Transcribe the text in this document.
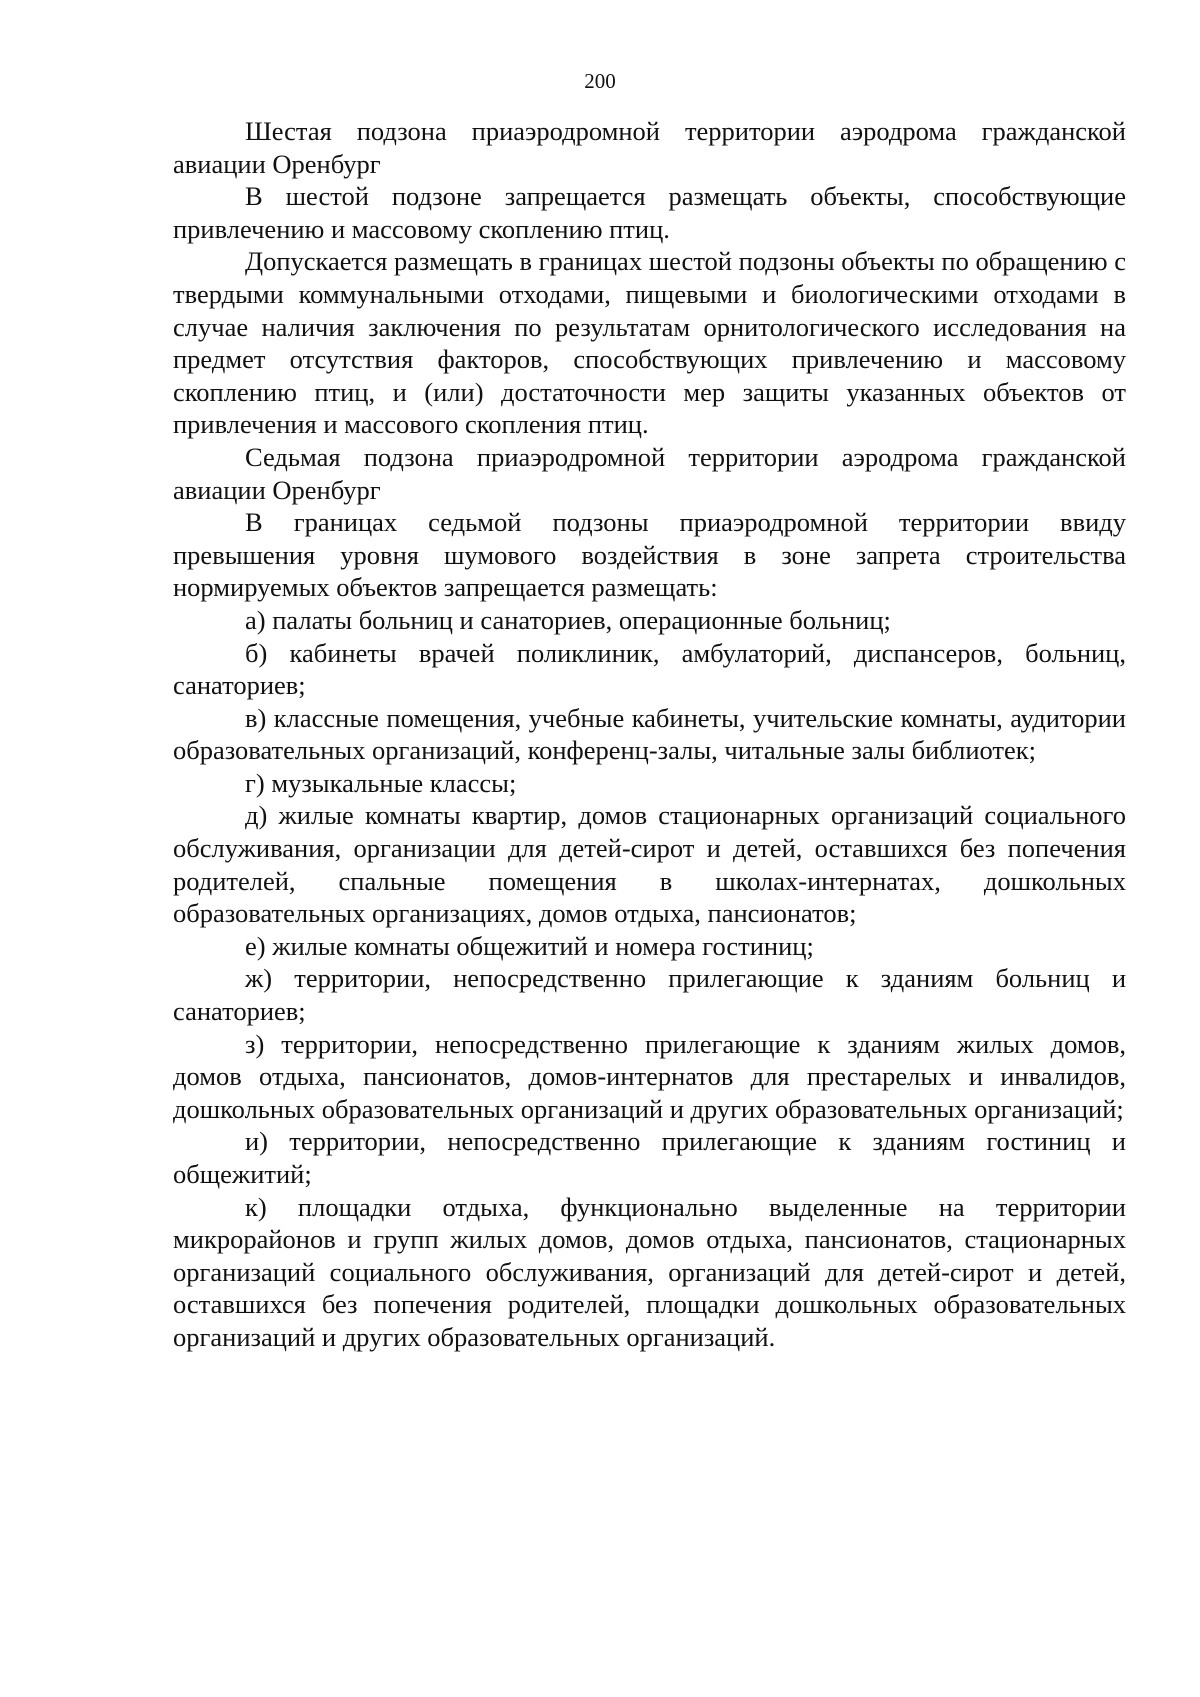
200

Шестая подзона приаэродромной территории аэродрома гражданской авиации Оренбург

В шестой подзоне запрещается размещать объекты, способствующие привлечению и массовому скоплению птиц.

Допускается размещать в границах шестой подзоны объекты по обращению с твердыми коммунальными отходами, пищевыми и биологическими отходами в случае наличия заключения по результатам орнитологического исследования на предмет отсутствия факторов, способствующих привлечению и массовому скоплению птиц, и (или) достаточности мер защиты указанных объектов от привлечения и массового скопления птиц.

Седьмая подзона приаэродромной территории аэродрома гражданской авиации Оренбург

В границах седьмой подзоны приаэродромной территории ввиду превышения уровня шумового воздействия в зоне запрета строительства нормируемых объектов запрещается размещать:

а) палаты больниц и санаториев, операционные больниц;

б) кабинеты врачей поликлиник, амбулаторий, диспансеров, больниц, санаториев;

в) классные помещения, учебные кабинеты, учительские комнаты, аудитории образовательных организаций, конференц-залы, читальные залы библиотек;

г) музыкальные классы;

д) жилые комнаты квартир, домов стационарных организаций социального обслуживания, организации для детей-сирот и детей, оставшихся без попечения родителей, спальные помещения в школах-интернатах, дошкольных образовательных организациях, домов отдыха, пансионатов;

е) жилые комнаты общежитий и номера гостиниц;

ж) территории, непосредственно прилегающие к зданиям больниц и санаториев;

з) территории, непосредственно прилегающие к зданиям жилых домов, домов отдыха, пансионатов, домов-интернатов для престарелых и инвалидов, дошкольных образовательных организаций и других образовательных организаций;

и) территории, непосредственно прилегающие к зданиям гостиниц и общежитий;

к) площадки отдыха, функционально выделенные на территории микрорайонов и групп жилых домов, домов отдыха, пансионатов, стационарных организаций социального обслуживания, организаций для детей-сирот и детей, оставшихся без попечения родителей, площадки дошкольных образовательных организаций и других образовательных организаций.
